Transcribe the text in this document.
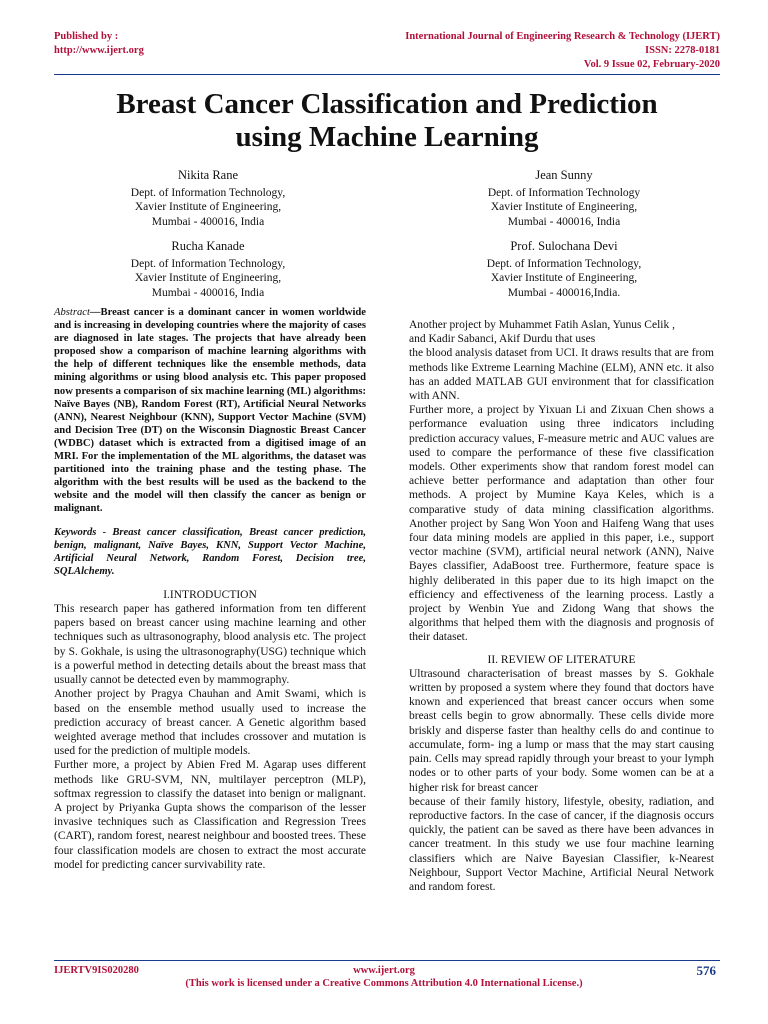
Published by :
http://www.ijert.org
International Journal of Engineering Research & Technology (IJERT)
ISSN: 2278-0181
Vol. 9 Issue 02, February-2020
Breast Cancer Classification and Prediction
using Machine Learning
Nikita Rane
Dept. of Information Technology,
Xavier Institute of Engineering,
Mumbai - 400016, India
Jean Sunny
Dept. of Information Technology
Xavier Institute of Engineering,
Mumbai - 400016, India
Rucha Kanade
Dept. of Information Technology,
Xavier Institute of Engineering,
Mumbai - 400016, India
Prof. Sulochana Devi
Dept. of Information Technology,
Xavier Institute of Engineering,
Mumbai - 400016,India.

Abstract—Breast cancer is a dominant cancer in women worldwide and is increasing in developing countries where the majority of cases are diagnosed in late stages. The projects that have already been proposed show a comparison of machine learning algorithms with the help of different techniques like the ensemble methods, data mining algorithms or using blood analysis etc. This paper proposed now presents a comparison of six machine learning (ML) algorithms: Naïve Bayes (NB), Random Forest (RT), Artificial Neural Networks (ANN), Nearest Neighbour (KNN), Support Vector Machine (SVM) and Decision Tree (DT) on the Wisconsin Diagnostic Breast Cancer (WDBC) dataset which is extracted from a digitised image of an MRI. For the implementation of the ML algorithms, the dataset was partitioned into the training phase and the testing phase. The algorithm with the best results will be used as the backend to the website and the model will then classify the cancer as benign or malignant.

Keywords - Breast cancer classification, Breast cancer prediction, benign, malignant, Naïve Bayes, KNN, Support Vector Machine, Artificial Neural Network, Random Forest, Decision tree, SQLAlchemy.

I.INTRODUCTION

This research paper has gathered information from ten different papers based on breast cancer using machine learning and other techniques such as ultrasonography, blood analysis etc. The project by S. Gokhale, is using the ultrasonography(USG) technique which is a powerful method in detecting details about the breast mass that usually cannot be detected even by mammography.

Another project by Pragya Chauhan and Amit Swami, which is based on the ensemble method usually used to increase the prediction accuracy of breast cancer. A Genetic algorithm based weighted average method that includes crossover and mutation is used for the prediction of multiple models.

Further more, a project by Abien Fred M. Agarap uses different methods like GRU-SVM, NN, multilayer perceptron (MLP), softmax regression to classify the dataset into benign or malignant. A project by Priyanka Gupta shows the comparison of the lesser invasive techniques such as Classification and Regression Trees (CART), random forest, nearest neighbour and boosted trees. These four classification models are chosen to extract the most accurate model for predicting cancer survivability rate.

Another project by Muhammet Fatih Aslan, Yunus Celik ,

and Kadir Sabanci, Akif Durdu that uses

the blood analysis dataset from UCI. It draws results that are from methods like Extreme Learning Machine (ELM), ANN etc. it also has an added MATLAB GUI environment that for classification with ANN.

Further more, a project by Yixuan Li and Zixuan Chen shows a performance evaluation using three indicators including prediction accuracy values, F-measure metric and AUC values are used to compare the performance of these five classification models. Other experiments show that random forest model can achieve better performance and adaptation than other four methods. A project by Mumine Kaya Keles, which is a comparative study of data mining classification algorithms. Another project by Sang Won Yoon and Haifeng Wang that uses four data mining models are applied in this paper, i.e., support vector machine (SVM), artificial neural network (ANN), Naive Bayes classifier, AdaBoost tree. Furthermore, feature space is highly deliberated in this paper due to its high imapct on the efficiency and effectiveness of the learning process. Lastly a project by Wenbin Yue and Zidong Wang that shows the algorithms that helped them with the diagnosis and prognosis of their dataset.

II. REVIEW OF LITERATURE

Ultrasound characterisation of breast masses by S. Gokhale written by proposed a system where they found that doctors have known and experienced that breast cancer occurs when some breast cells begin to grow abnormally. These cells divide more briskly and disperse faster than healthy cells do and continue to accumulate, form- ing a lump or mass that the may start causing pain. Cells may spread rapidly through your breast to your lymph nodes or to other parts of your body. Some women can be at a higher risk for breast cancer

because of their family history, lifestyle, obesity, radiation, and reproductive factors. In the case of cancer, if the diagnosis occurs quickly, the patient can be saved as there have been advances in cancer treatment. In this study we use four machine learning classifiers which are Naive Bayesian Classifier, k-Nearest Neighbour, Support Vector Machine, Artificial Neural Network and random forest.

IJERTV9IS020280	www.ijert.org	576
(This work is licensed under a Creative Commons Attribution 4.0 International License.)
